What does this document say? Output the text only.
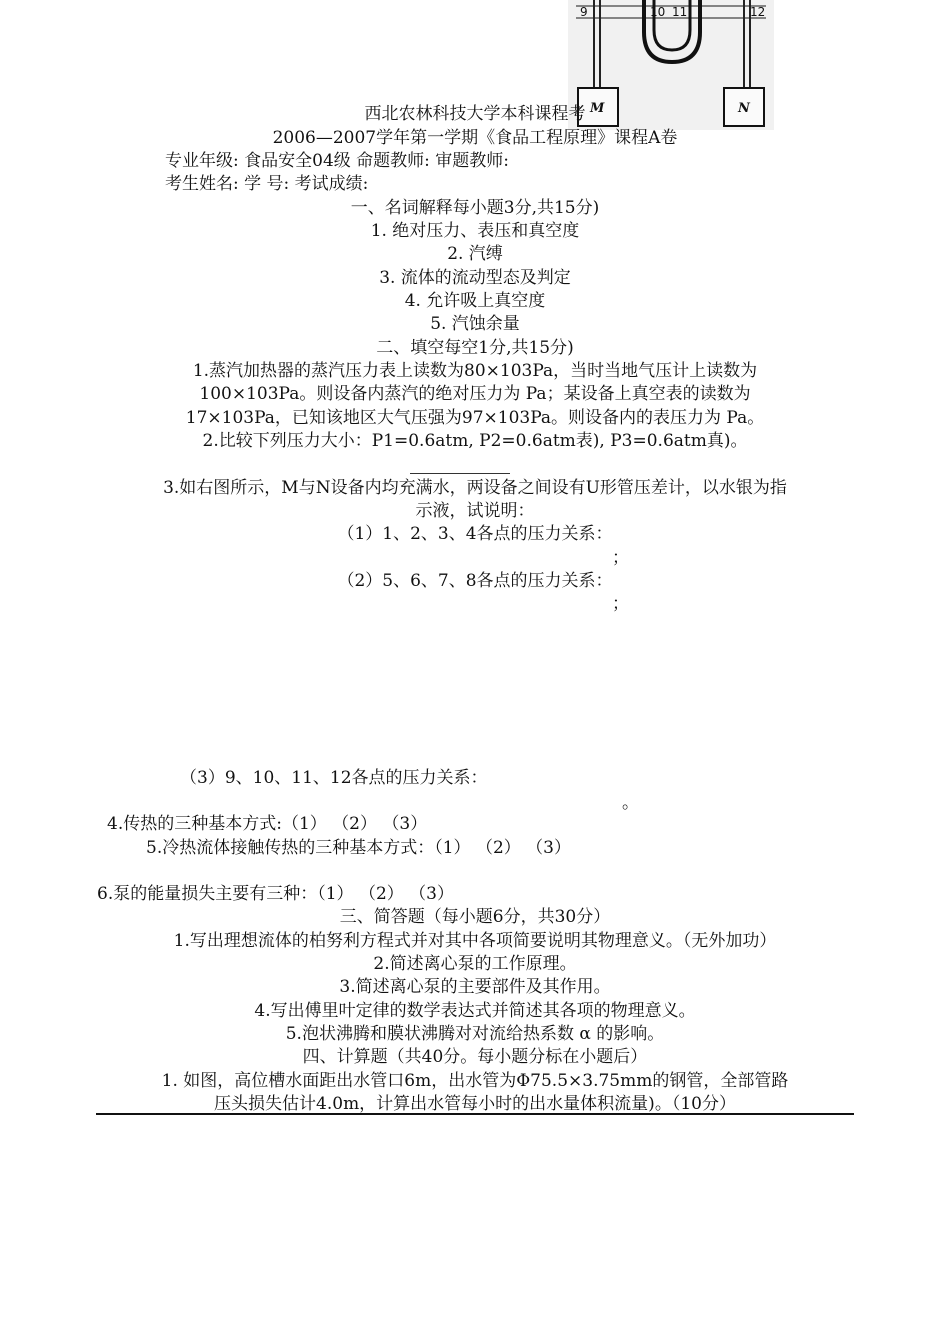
9	10 11	12
M	N
西北农林科技大学本科课程考
2006—2007学年第一学期《食品工程原理》课程A卷
专业年级: 食品安全04级 命题教师: 审题教师:
考生姓名: 学 号: 考试成绩:
一、名词解释每小题3分,共15分)
1. 绝对压力、表压和真空度
2. 汽缚
3. 流体的流动型态及判定
4. 允许吸上真空度
5. 汽蚀余量
二、填空每空1分,共15分)
1.蒸汽加热器的蒸汽压力表上读数为80×103Pa，当时当地气压计上读数为
100×103Pa。则设备内蒸汽的绝对压力为 Pa；某设备上真空表的读数为
17×103Pa，已知该地区大气压强为97×103Pa。则设备内的表压力为 Pa。
2.比较下列压力大小：P1=0.6atm, P2=0.6atm表), P3=0.6atm真)。
3.如右图所示，M与N设备内均充满水，两设备之间设有U形管压差计，以水银为指
示液，试说明：
（1）1、2、3、4各点的压力关系：
；
（2）5、6、7、8各点的压力关系：
；
（3）9、10、11、12各点的压力关系：
。
4.传热的三种基本方式:（1） （2） （3）
5.冷热流体接触传热的三种基本方式：（1） （2） （3）
6.泵的能量损失主要有三种：（1） （2） （3）
三、简答题（每小题6分，共30分）
1.写出理想流体的柏努利方程式并对其中各项简要说明其物理意义。（无外加功）
2.简述离心泵的工作原理。
3.简述离心泵的主要部件及其作用。
4.写出傅里叶定律的数学表达式并简述其各项的物理意义。
5.泡状沸腾和膜状沸腾对对流给热系数 α 的影响。
四、计算题（共40分。每小题分标在小题后）
1. 如图，高位槽水面距出水管口6m，出水管为Φ75.5×3.75mm的钢管，全部管路
压头损失估计4.0m，计算出水管每小时的出水量体积流量)。（10分）
